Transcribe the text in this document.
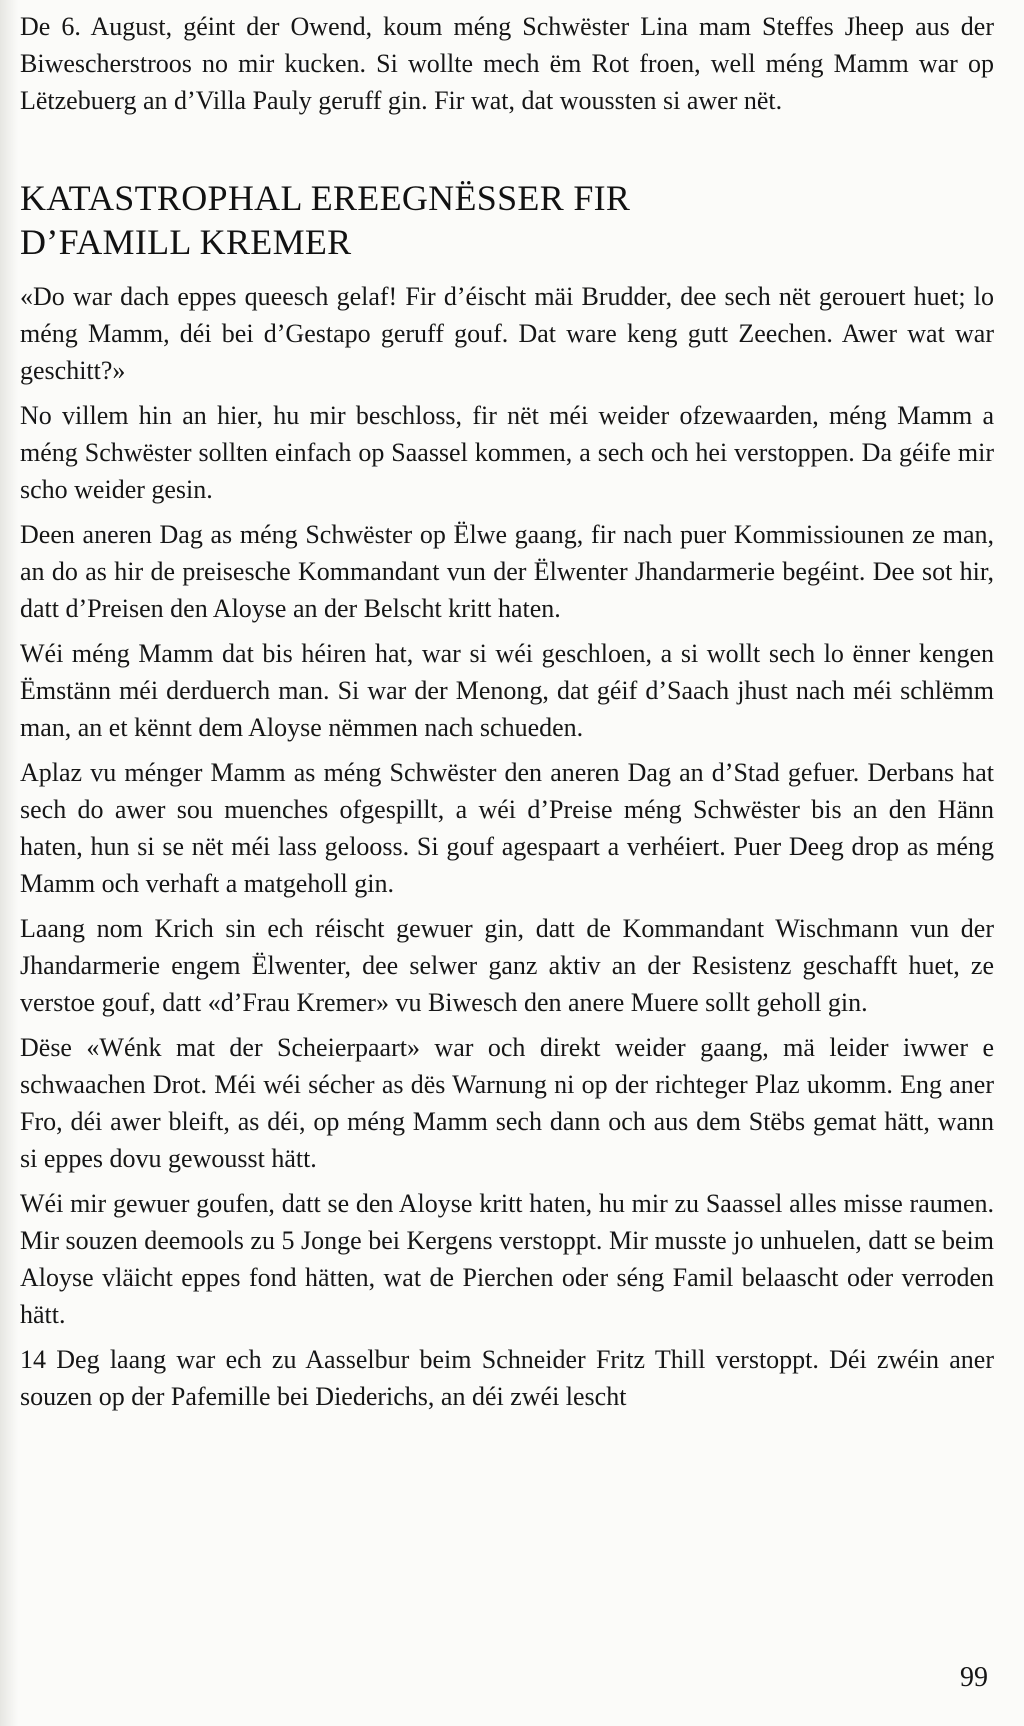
De 6. August, géint der Owend, koum méng Schwëster Lina mam Steffes Jheep aus der Biwescherstroos no mir kucken. Si wollte mech ëm Rot froen, well méng Mamm war op Lëtzebuerg an d’Villa Pauly geruff gin. Fir wat, dat woussten si awer nët.

KATASTROPHAL EREEGNËSSER FIR
D’FAMILL KREMER

«Do war dach eppes queesch gelaf! Fir d’éischt mäi Brudder, dee sech nët gerouert huet; lo méng Mamm, déi bei d’Gestapo geruff gouf. Dat ware keng gutt Zeechen. Awer wat war geschitt?»

No villem hin an hier, hu mir beschloss, fir nët méi weider ofzewaarden, méng Mamm a méng Schwëster sollten einfach op Saassel kommen, a sech och hei verstoppen. Da géife mir scho weider gesin.

Deen aneren Dag as méng Schwëster op Ëlwe gaang, fir nach puer Kommissiounen ze man, an do as hir de preisesche Kommandant vun der Ëlwenter Jhandarmerie begéint. Dee sot hir, datt d’Preisen den Aloyse an der Belscht kritt haten.

Wéi méng Mamm dat bis héiren hat, war si wéi geschloen, a si wollt sech lo ënner kengen Ëmstänn méi derduerch man. Si war der Menong, dat géif d’Saach jhust nach méi schlëmm man, an et kënnt dem Aloyse nëmmen nach schueden.

Aplaz vu ménger Mamm as méng Schwëster den aneren Dag an d’Stad gefuer. Derbans hat sech do awer sou muenches ofgespillt, a wéi d’Preise méng Schwëster bis an den Hänn haten, hun si se nët méi lass gelooss. Si gouf agespaart a verhéiert. Puer Deeg drop as méng Mamm och verhaft a matgeholl gin.

Laang nom Krich sin ech réischt gewuer gin, datt de Kommandant Wischmann vun der Jhandarmerie engem Ëlwenter, dee selwer ganz aktiv an der Resistenz geschafft huet, ze verstoe gouf, datt «d’Frau Kremer» vu Biwesch den anere Muere sollt geholl gin.

Dëse «Wénk mat der Scheierpaart» war och direkt weider gaang, mä leider iwwer e schwaachen Drot. Méi wéi sécher as dës Warnung ni op der richteger Plaz ukomm. Eng aner Fro, déi awer bleift, as déi, op méng Mamm sech dann och aus dem Stëbs gemat hätt, wann si eppes dovu gewousst hätt.

Wéi mir gewuer goufen, datt se den Aloyse kritt haten, hu mir zu Saassel alles misse raumen. Mir souzen deemools zu 5 Jonge bei Kergens verstoppt. Mir musste jo unhuelen, datt se beim Aloyse vläicht eppes fond hätten, wat de Pierchen oder séng Famil belaascht oder verroden hätt.

14 Deg laang war ech zu Aasselbur beim Schneider Fritz Thill verstoppt. Déi zwéin aner souzen op der Pafemille bei Diederichs, an déi zwéi lescht

99
